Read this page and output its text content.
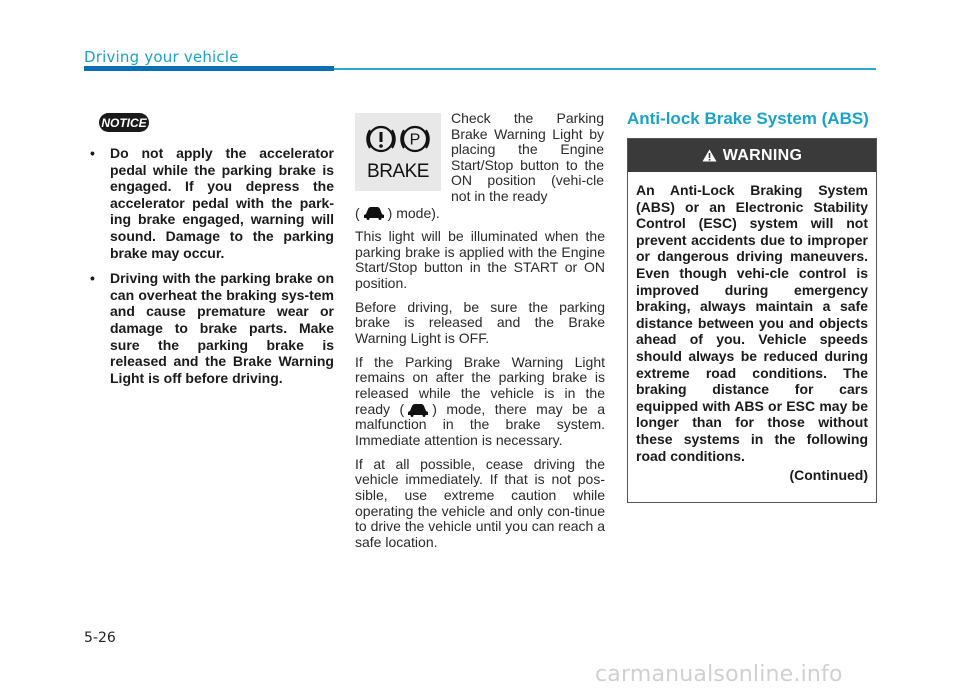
Driving your vehicle
NOTICE
• Do not apply the accelerator pedal while the parking brake is engaged. If you depress the accelerator pedal with the park-ing brake engaged, warning will sound. Damage to the parking brake may occur.
• Driving with the parking brake on can overheat the braking sys-tem and cause premature wear or damage to brake parts. Make sure the parking brake is released and the Brake Warning Light is off before driving.
P
BRAKE
Check the Parking Brake Warning Light by placing the Engine Start/Stop button to the ON position (vehi-cle not in the ready
( ) mode).

This light will be illuminated when the parking brake is applied with the Engine Start/Stop button in the START or ON position.

Before driving, be sure the parking brake is released and the Brake Warning Light is OFF.

If the Parking Brake Warning Light remains on after the parking brake is released while the vehicle is in the ready ( ) mode, there may be a malfunction in the brake system. Immediate attention is necessary.

If at all possible, cease driving the vehicle immediately. If that is not pos-sible, use extreme caution while operating the vehicle and only con-tinue to drive the vehicle until you can reach a safe location.

Anti-lock Brake System (ABS)
WARNING
An Anti-Lock Braking System (ABS) or an Electronic Stability Control (ESC) system will not prevent accidents due to improper or dangerous driving maneuvers. Even though vehi-cle control is improved during emergency braking, always maintain a safe distance between you and objects ahead of you. Vehicle speeds should always be reduced during extreme road conditions. The braking distance for cars equipped with ABS or ESC may be longer than for those without these systems in the following road conditions.
(Continued)
5-26
carmanualsonline.info
